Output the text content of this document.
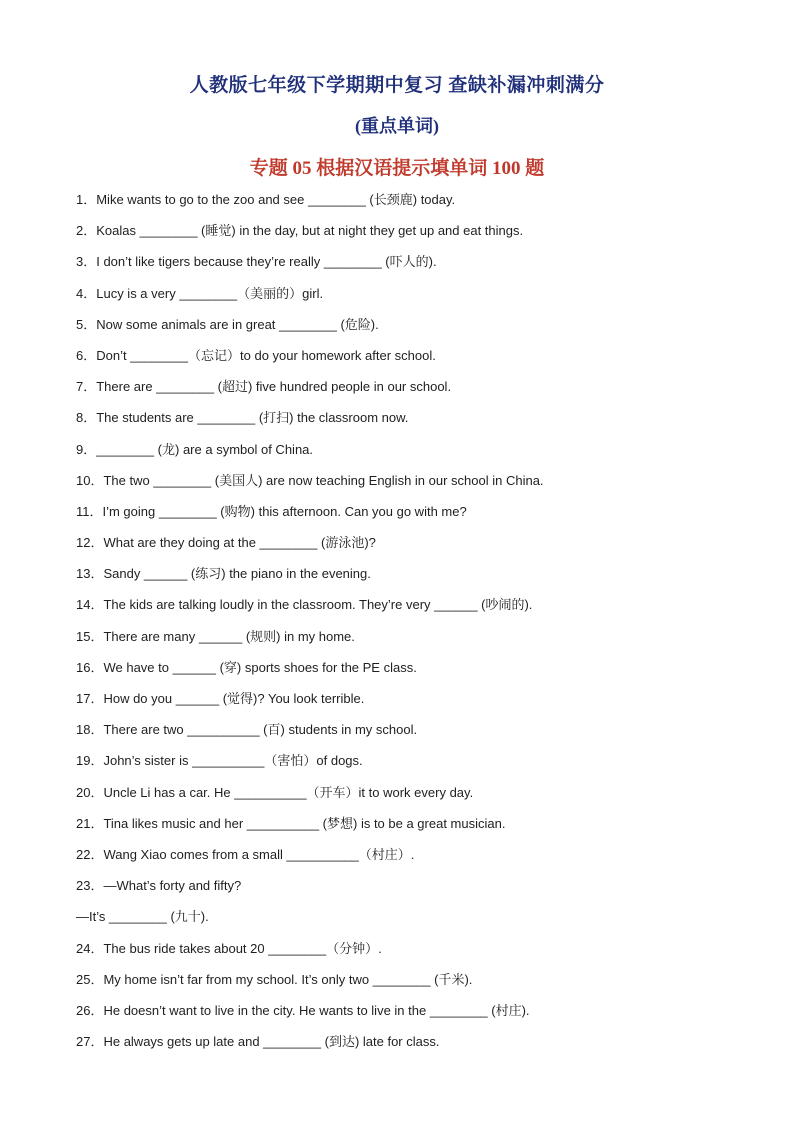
人教版七年级下学期期中复习 查缺补漏冲刺满分
(重点单词)
专题 05 根据汉语提示填单词 100 题
1．Mike wants to go to the zoo and see ________ (长颈鹿) today.
2．Koalas ________ (睡觉) in the day, but at night they get up and eat things.
3．I don’t like tigers because they’re really ________ (吓人的).
4．Lucy is a very ________（美丽的）girl.
5．Now some animals are in great ________ (危险).
6．Don’t ________（忘记）to do your homework after school.
7．There are ________ (超过) five hundred people in our school.
8．The students are ________ (打扫) the classroom now.
9．________ (龙) are a symbol of China.
10．The two ________ (美国人) are now teaching English in our school in China.
11．I’m going ________ (购物) this afternoon. Can you go with me?
12．What are they doing at the ________ (游泳池)?
13．Sandy ______ (练习) the piano in the evening.
14．The kids are talking loudly in the classroom. They’re very ______ (吵闹的).
15．There are many ______ (规则) in my home.
16．We have to ______ (穿) sports shoes for the PE class.
17．How do you ______ (觉得)? You look terrible.
18．There are two __________ (百) students in my school.
19．John’s sister is __________（害怕）of dogs.
20．Uncle Li has a car. He __________（开车）it to work every day.
21．Tina likes music and her __________ (梦想) is to be a great musician.
22．Wang Xiao comes from a small __________（村庄）.
23．—What’s forty and fifty?
—It’s ________ (九十).
24．The bus ride takes about 20 ________（分钟）.
25．My home isn’t far from my school. It’s only two ________ (千米).
26．He doesn’t want to live in the city. He wants to live in the ________ (村庄).
27．He always gets up late and ________ (到达) late for class.
